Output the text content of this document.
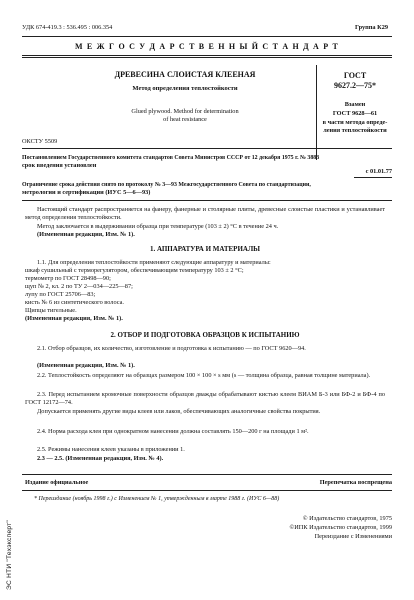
УДК 674-419.3 : 536.495 : 006.354	Группа К29
М Е Ж Г О С У Д А Р С Т В Е Н Н Ы Й С Т А Н Д А Р Т
ДРЕВЕСИНА СЛОИСТАЯ КЛЕЕНАЯ
Метод определения теплостойкости
Glued plywood. Method for determination
of heat resistance
ГОСТ
9627.2—75*
Взамен
ГОСТ 9628—61
в части метода опреде-
ления теплостойкости
ОКСТУ 5509
Постановлением Государственного комитета стандартов Совета Министров СССР от 12 декабря 1975 г. № 3883
срок введения установлен
с 01.01.77
Ограничение срока действия снято по протоколу № 3—93 Межгосударственного Совета по стандартизации,
метрологии и сертификации (ИУС 5—6—93)
Настоящий стандарт распространяется на фанеру, фанерные и столярные плиты, древесные слоистые пластики и устанавливает метод определения теплостойкости.
Метод заключается в выдерживании образца при температуре (103 ± 2) °С в течение 24 ч.
(Измененная редакция, Изм. № 1).
1. АППАРАТУРА И МАТЕРИАЛЫ
1.1. Для определения теплостойкости применяют следующие аппаратуру и материалы:
шкаф сушильный с терморегулятором, обеспечивающим температуру 103 ± 2 °С;
термометр по ГОСТ 28498—90;
щуп № 2, кл. 2 по ТУ 2—034—225—87;
лупу по ГОСТ 25706—83;
кисть № 6 из синтетического волоса.
Щипцы тигельные.
(Измененная редакция, Изм. № 1).
2. ОТБОР И ПОДГОТОВКА ОБРАЗЦОВ К ИСПЫТАНИЮ
2.1. Отбор образцов, их количество, изготовление и подготовка к испытанию — по ГОСТ 9620—94.
(Измененная редакция, Изм. № 1).
2.2. Теплостойкость определяют на образцах размером 100 × 100 × s мм (s — толщина образца, равная толщине материала).
2.3. Перед испытанием кромочные поверхности образцов дважды обрабатывают кистью клеем ВИАМ Б-3 или БФ-2 и БФ-4 по ГОСТ 12172—74.
Допускается применять другие виды клеев или лаков, обеспечивающих аналогичные свойства покрытия.
2.4. Норма расхода клея при однократном нанесении должна составлять 150—200 г на площади 1 м².
2.5. Режимы нанесения клеев указаны в приложении 1.
2.3 — 2.5. (Измененная редакция, Изм. № 4).
Издание официальное	Перепечатка воспрещена
* Переиздание (ноябрь 1998 г.) с Изменением № 1, утвержденным в марте 1988 г. (ИУС 6—88)
© Издательство стандартов, 1975
©ИПК Издательство стандартов, 1999
Переиздание с Изменениями
ЭС НТИ "Техэксперт"
